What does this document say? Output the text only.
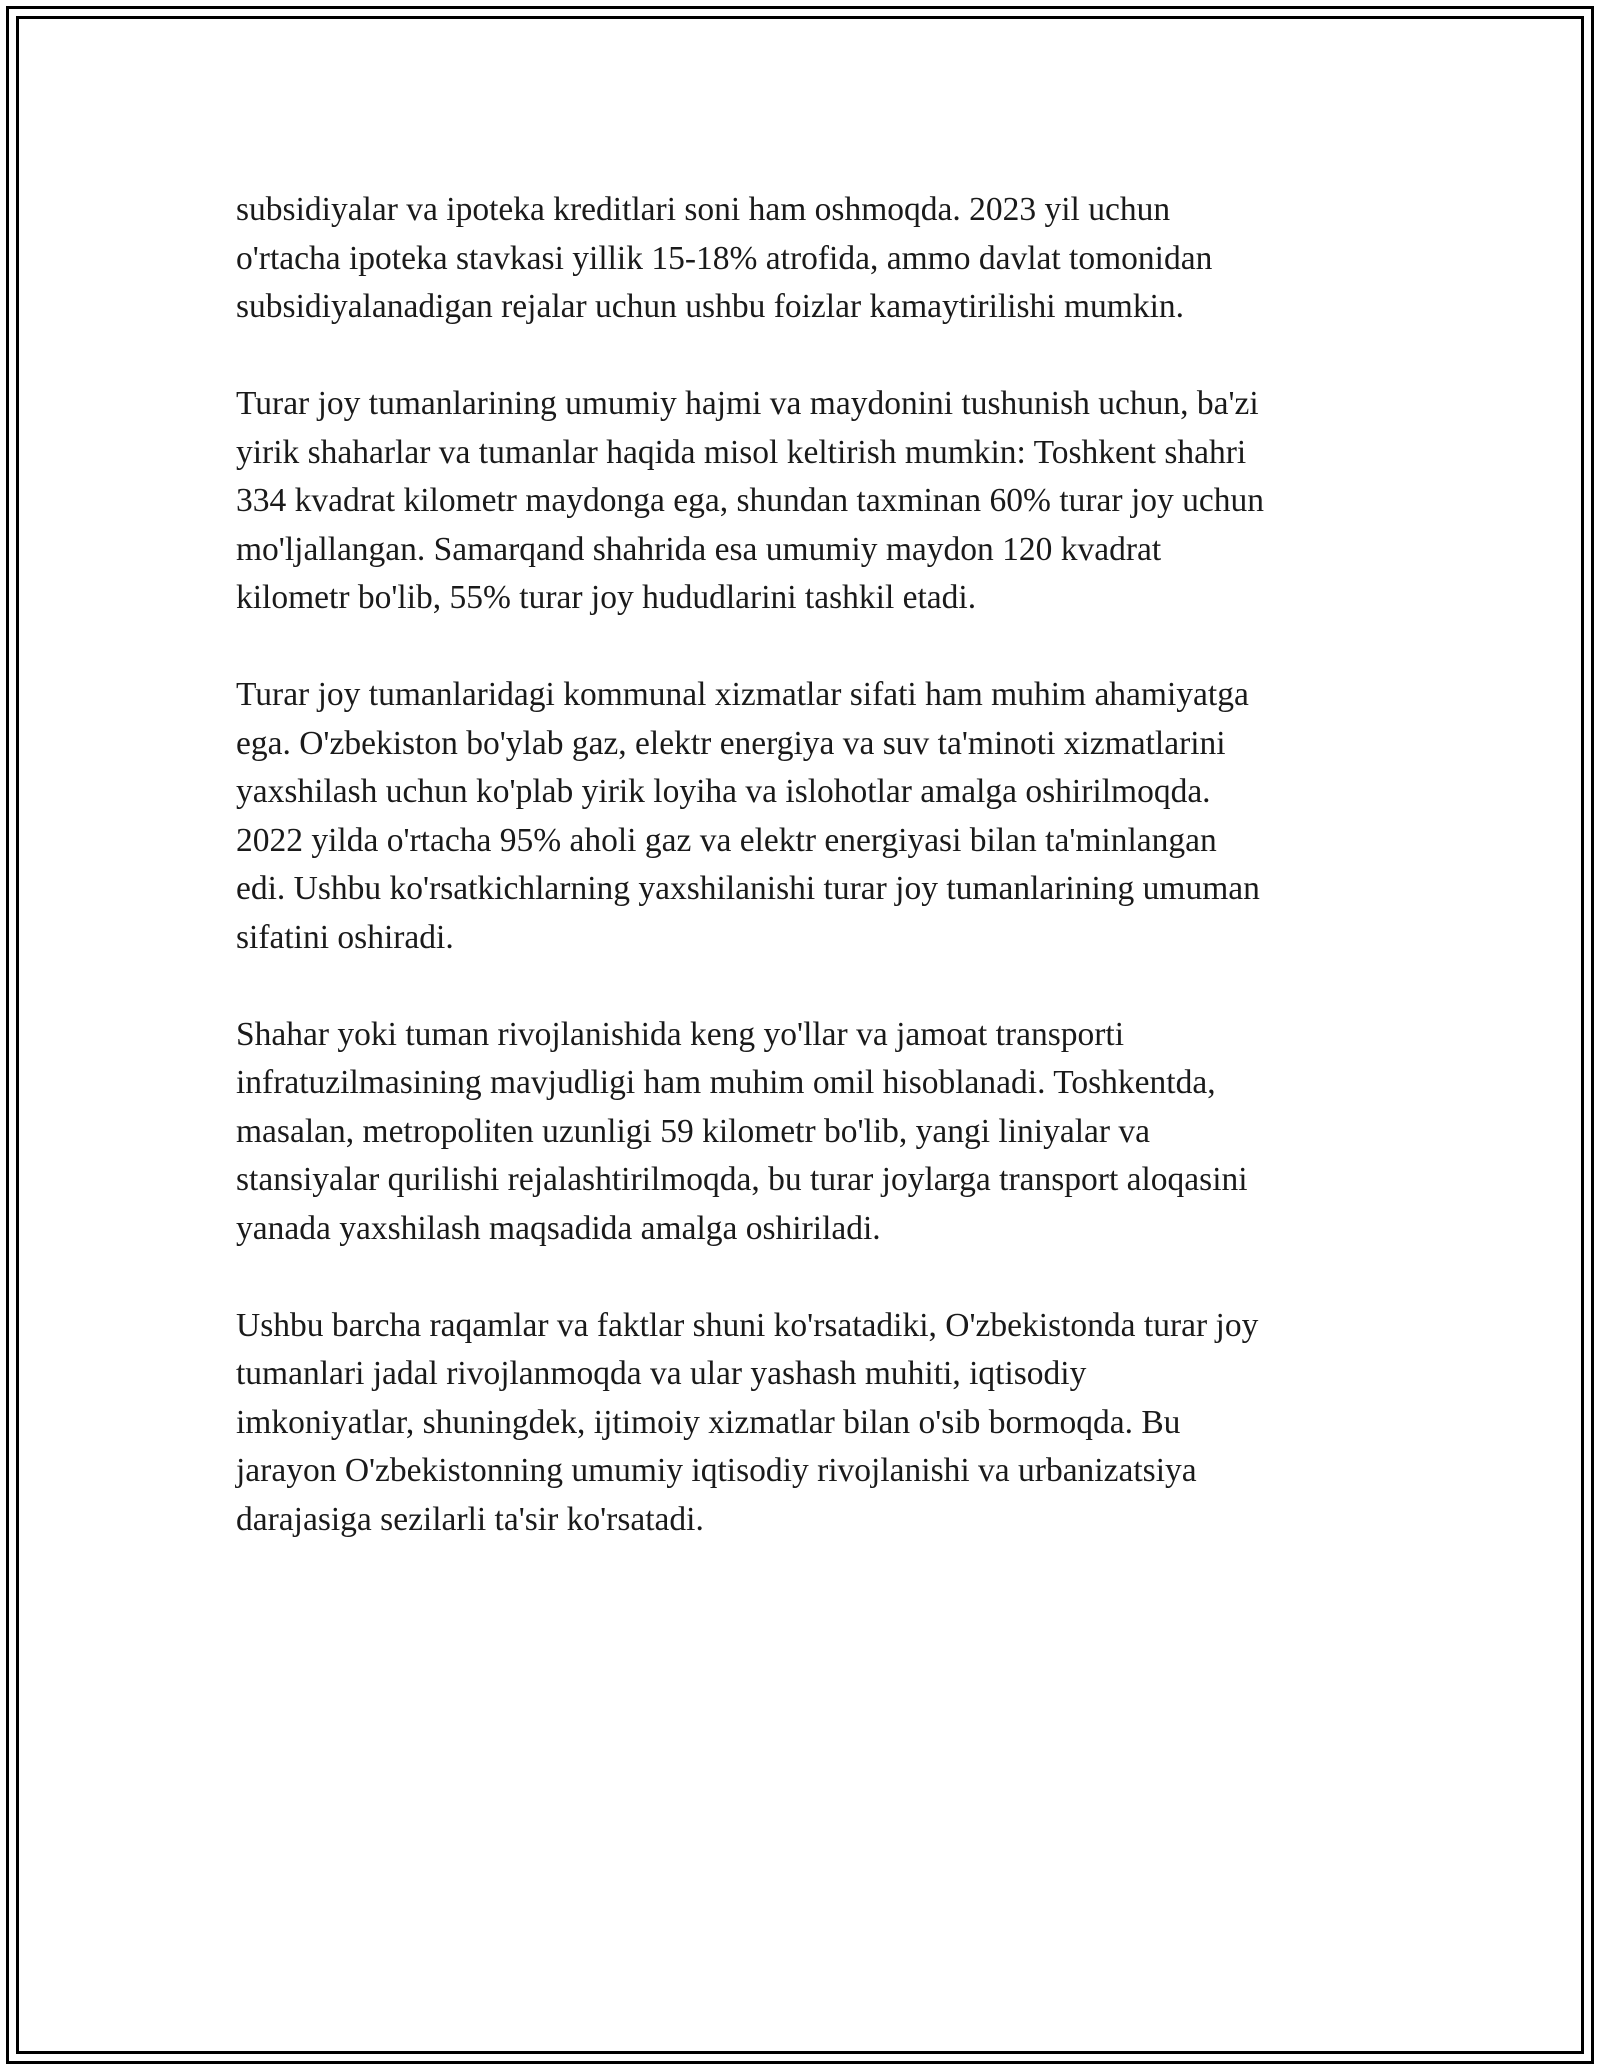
subsidiyalar va ipoteka kreditlari soni ham oshmoqda. 2023 yil uchun
o'rtacha ipoteka stavkasi yillik 15-18% atrofida, ammo davlat tomonidan
subsidiyalanadigan rejalar uchun ushbu foizlar kamaytirilishi mumkin.

Turar joy tumanlarining umumiy hajmi va maydonini tushunish uchun, ba'zi
yirik shaharlar va tumanlar haqida misol keltirish mumkin: Toshkent shahri
334 kvadrat kilometr maydonga ega, shundan taxminan 60% turar joy uchun
mo'ljallangan. Samarqand shahrida esa umumiy maydon 120 kvadrat
kilometr bo'lib, 55% turar joy hududlarini tashkil etadi.

Turar joy tumanlaridagi kommunal xizmatlar sifati ham muhim ahamiyatga
ega. O'zbekiston bo'ylab gaz, elektr energiya va suv ta'minoti xizmatlarini
yaxshilash uchun ko'plab yirik loyiha va islohotlar amalga oshirilmoqda.
2022 yilda o'rtacha 95% aholi gaz va elektr energiyasi bilan ta'minlangan
edi. Ushbu ko'rsatkichlarning yaxshilanishi turar joy tumanlarining umuman
sifatini oshiradi.

Shahar yoki tuman rivojlanishida keng yo'llar va jamoat transporti
infratuzilmasining mavjudligi ham muhim omil hisoblanadi. Toshkentda,
masalan, metropoliten uzunligi 59 kilometr bo'lib, yangi liniyalar va
stansiyalar qurilishi rejalashtirilmoqda, bu turar joylarga transport aloqasini
yanada yaxshilash maqsadida amalga oshiriladi.

Ushbu barcha raqamlar va faktlar shuni ko'rsatadiki, O'zbekistonda turar joy
tumanlari jadal rivojlanmoqda va ular yashash muhiti, iqtisodiy
imkoniyatlar, shuningdek, ijtimoiy xizmatlar bilan o'sib bormoqda. Bu
jarayon O'zbekistonning umumiy iqtisodiy rivojlanishi va urbanizatsiya
darajasiga sezilarli ta'sir ko'rsatadi.
